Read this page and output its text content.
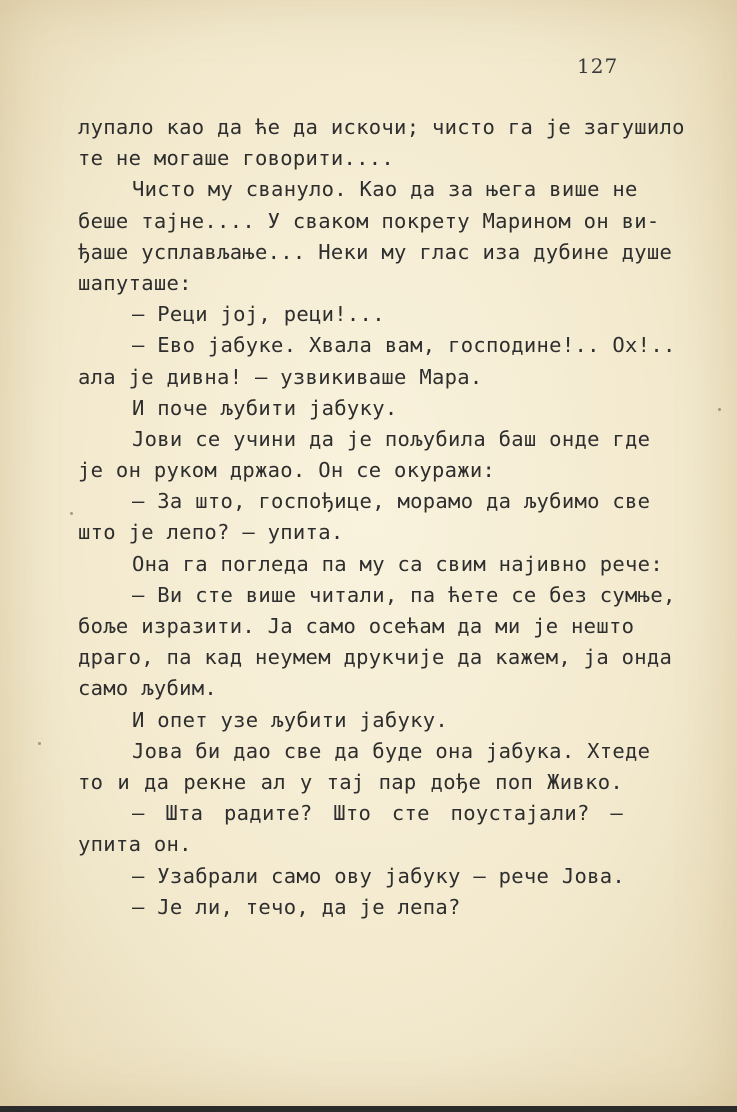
127
лупало као да ће да искочи; чисто га је загушило
те не могаше говорити....
Чисто му свануло. Као да за њега више не
беше тајне.... У сваком покрету Марином он ви-
ђаше усплављање... Неки му глас иза дубине душе
шапуташе:
— Реци јој, реци!...
— Ево јабуке. Хвала вам, господине!.. Ох!..
ала је дивна! — узвикиваше Мара.
И поче љубити јабуку.
Јови се учини да је пољубила баш онде где
је он руком држао. Он се окуражи:
— За што, госпођице, морамо да љубимо све
што је лепо? — упита.
Она га погледа па му са свим најивно рече:
— Ви сте више читали, па ћете се без сумње,
боље изразити. Ја само осећам да ми је нешто
драго, па кад неумем друкчије да кажем, ја онда
само љубим.
И опет узе љубити јабуку.
Јова би дао све да буде она јабука. Хтеде
то и да рекне ал у тај пар дође поп Живко.
— Шта радите? Што сте поустајали? —
упита он.
— Узабрали само ову јабуку — рече Јова.
— Је ли, течо, да је лепа?
